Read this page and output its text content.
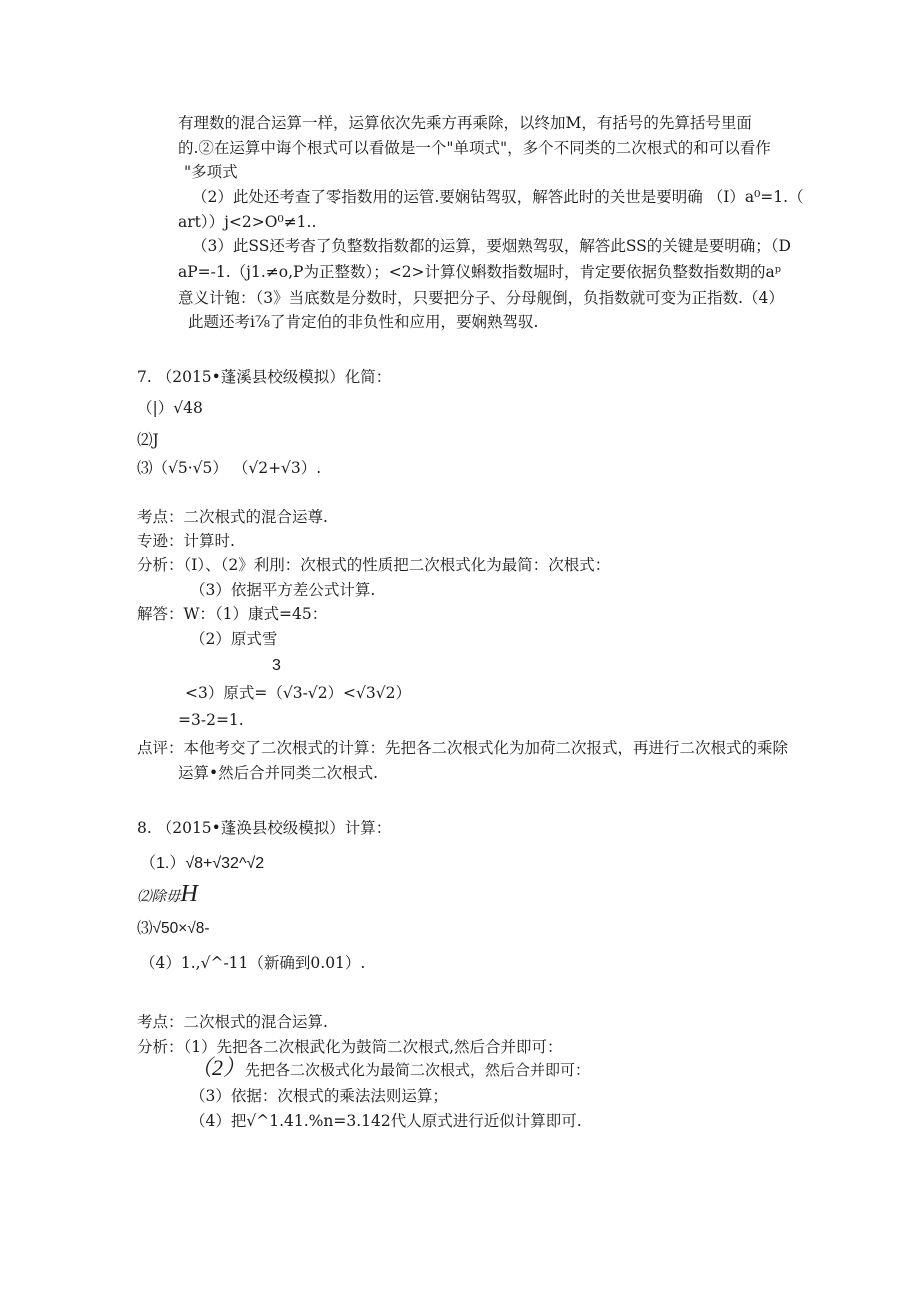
有理数的混合运算一样，运算依次先乘方再乘除，以终加M，有括号的先算括号里面
的.②在运算中诲个根式可以看做是一个"单项式"，多个不同类的二次根式的和可以看作
"多项式
（2）此处还考查了零指数用的运管.要娴钻驾驭，解答此时的关世是要明确 （I）a⁰=1.（
art））j<2>O⁰≠1..
（3）此SS还考杳了负整数指数都的运算，要烟熟驾驭，解答此SS的关键是要明确；（D
aP=-1.（j1.≠o,P为正整数）；<2>计算仪蝌数指数堀时，肯定要依据负整数指数期的aᵖ
意义计铇：（3》当底数是分数时，只要把分子、分母舰倒，负指数就可变为正指数.（4）
此题还考i⅞了肯定伯的非负性和应用，要娴熟驾驭.
7. （2015•蓬溪县校级模拟）化简：
（|）√48
⑵J
⑶（√5·√5） （√2+√3）.
考点：二次根式的混合运尊.
专逊：计算时.
分析：（I）、（2》利刖：次根式的性质把二次根式化为最简：次根式：
（3）依据平方差公式计算.
解答：W：（1）康式=45：
（2）原式雪
3
<3）原式=（√3-√2）<√3√2）
=3-2=1.
点评：本他考交了二次根式的计算：先把各二次根式化为加荷二次报式，再进行二次根式的乘除
运算•然后合并同类二次根式.
8. （2015•蓬涣县校级模拟）计算：
（1.）√8+√32^√2
⑵除毋H
⑶√50×√8-
（4）1.,√^-11（新确到0.01）.
考点：二次根式的混合运算.
分析：（1）先把各二次根武化为鼓筒二次根式,然后合并即可：
（2）先把各二次极式化为最简二次根式，然后合并即可：
（3）依据：次根式的乘法法则运算；
（4）把√^1.41.%n=3.142代人原式进行近似计算即可.
